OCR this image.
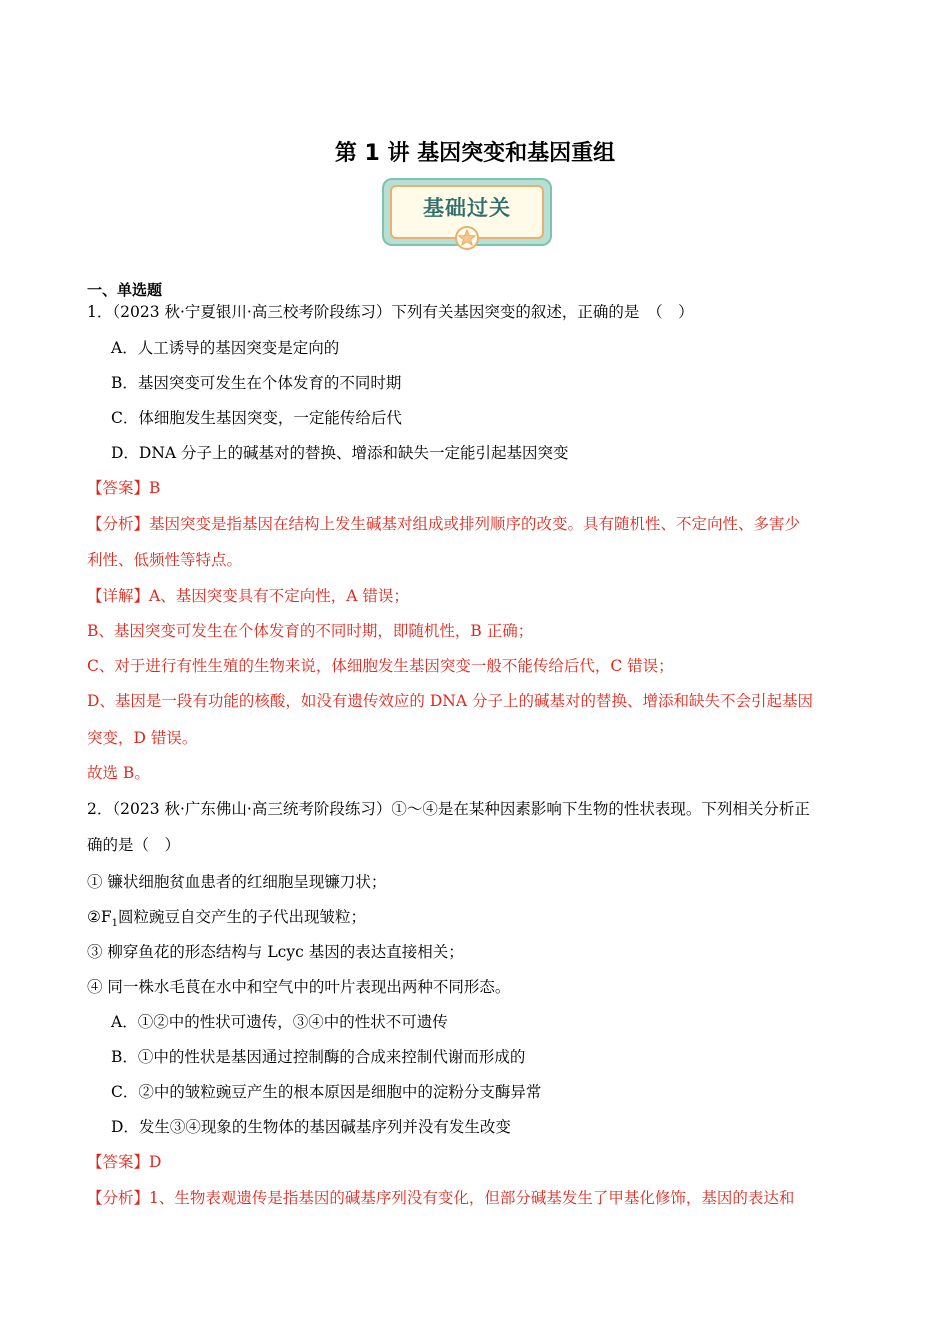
第 1 讲 基因突变和基因重组
基础过关
一、单选题
1．（2023 秋·宁夏银川·高三校考阶段练习）下列有关基因突变的叙述，正确的是　（　）
A．人工诱导的基因突变是定向的
B．基因突变可发生在个体发育的不同时期
C．体细胞发生基因突变，一定能传给后代
D．DNA 分子上的碱基对的替换、增添和缺失一定能引起基因突变
【答案】B
【分析】基因突变是指基因在结构上发生碱基对组成或排列顺序的改变。具有随机性、不定向性、多害少
利性、低频性等特点。
【详解】A、基因突变具有不定向性，A 错误；
B、基因突变可发生在个体发育的不同时期，即随机性，B 正确；
C、对于进行有性生殖的生物来说，体细胞发生基因突变一般不能传给后代，C 错误；
D、基因是一段有功能的核酸，如没有遗传效应的 DNA 分子上的碱基对的替换、增添和缺失不会引起基因
突变，D 错误。
故选 B。
2．（2023 秋·广东佛山·高三统考阶段练习）①～④是在某种因素影响下生物的性状表现。下列相关分析正
确的是（　）
① 镰状细胞贫血患者的红细胞呈现镰刀状；
$②F_1$圆粒豌豆自交产生的子代出现皱粒；
③ 柳穿鱼花的形态结构与 Lcyc 基因的表达直接相关；
④ 同一株水毛茛在水中和空气中的叶片表现出两种不同形态。
A．①②中的性状可遗传，③④中的性状不可遗传
B．①中的性状是基因通过控制酶的合成来控制代谢而形成的
C．②中的皱粒豌豆产生的根本原因是细胞中的淀粉分支酶异常
D．发生③④现象的生物体的基因碱基序列并没有发生改变
【答案】D
【分析】1、生物表观遗传是指基因的碱基序列没有变化，但部分碱基发生了甲基化修饰，基因的表达和
